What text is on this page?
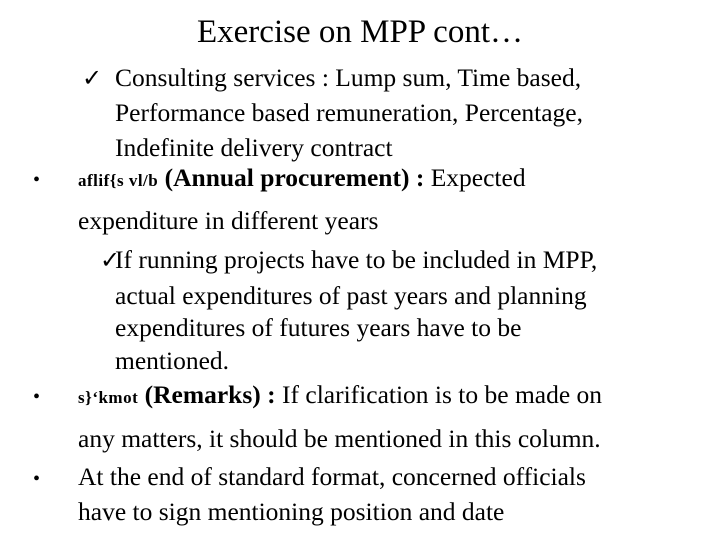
Exercise on MPP cont…
✓ Consulting services : Lump sum, Time based,
Performance based remuneration, Percentage,
Indefinite delivery contract
• aflif{s vl/b (Annual procurement) : Expected
expenditure in different years
✓
If running projects have to be included in MPP,
actual expenditures of past years and planning
expenditures of futures years have to be
mentioned.
• s}‘kmot (Remarks) : If clarification is to be made on
any matters, it should be mentioned in this column.
• At the end of standard format, concerned officials
have to sign mentioning position and date
